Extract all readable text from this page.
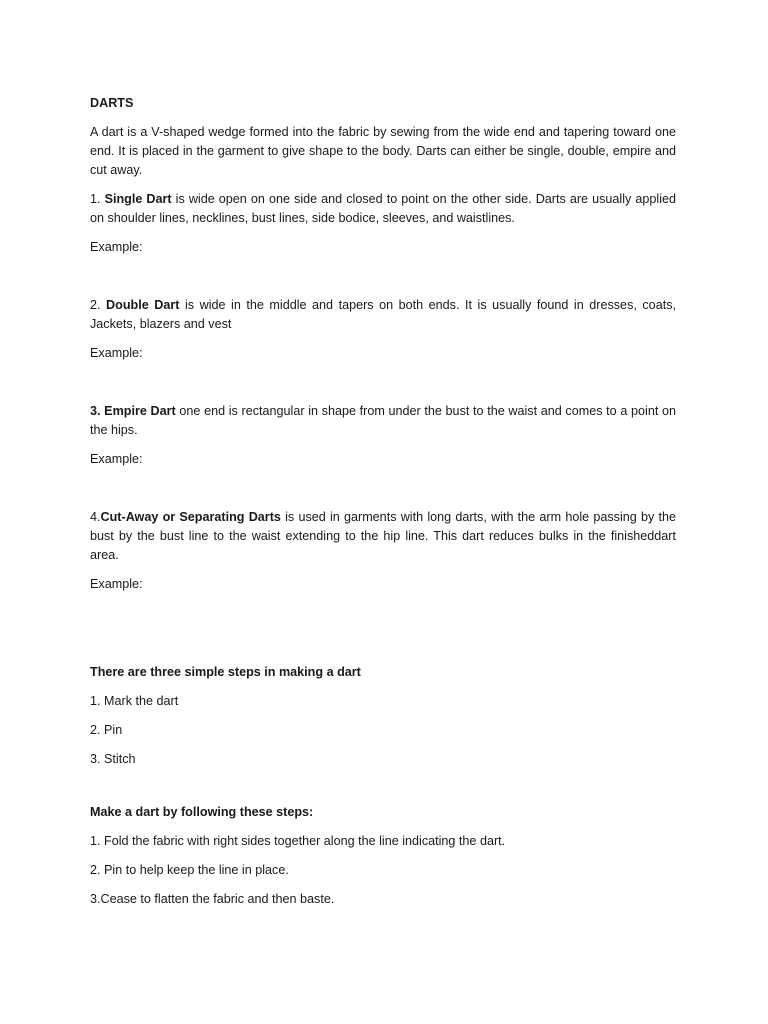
DARTS

A dart is a V-shaped wedge formed into the fabric by sewing from the wide end and tapering toward one end. It is placed in the garment to give shape to the body. Darts can either be single, double, empire and cut away.

1. Single Dart is wide open on one side and closed to point on the other side. Darts are usually applied on shoulder lines, necklines, bust lines, side bodice, sleeves, and waistlines.

Example:

2. Double Dart is wide in the middle and tapers on both ends. It is usually found in dresses, coats, Jackets, blazers and vest

Example:

3. Empire Dart one end is rectangular in shape from under the bust to the waist and comes to a point on the hips.

Example:

4.Cut-Away or Separating Darts is used in garments with long darts, with the arm hole passing by the bust by the bust line to the waist extending to the hip line. This dart reduces bulks in the finisheddart area.

Example:

There are three simple steps in making a dart

1. Mark the dart

2. Pin

3. Stitch

Make a dart by following these steps:

1. Fold the fabric with right sides together along the line indicating the dart.

2. Pin to help keep the line in place.

3.Cease to flatten the fabric and then baste.
